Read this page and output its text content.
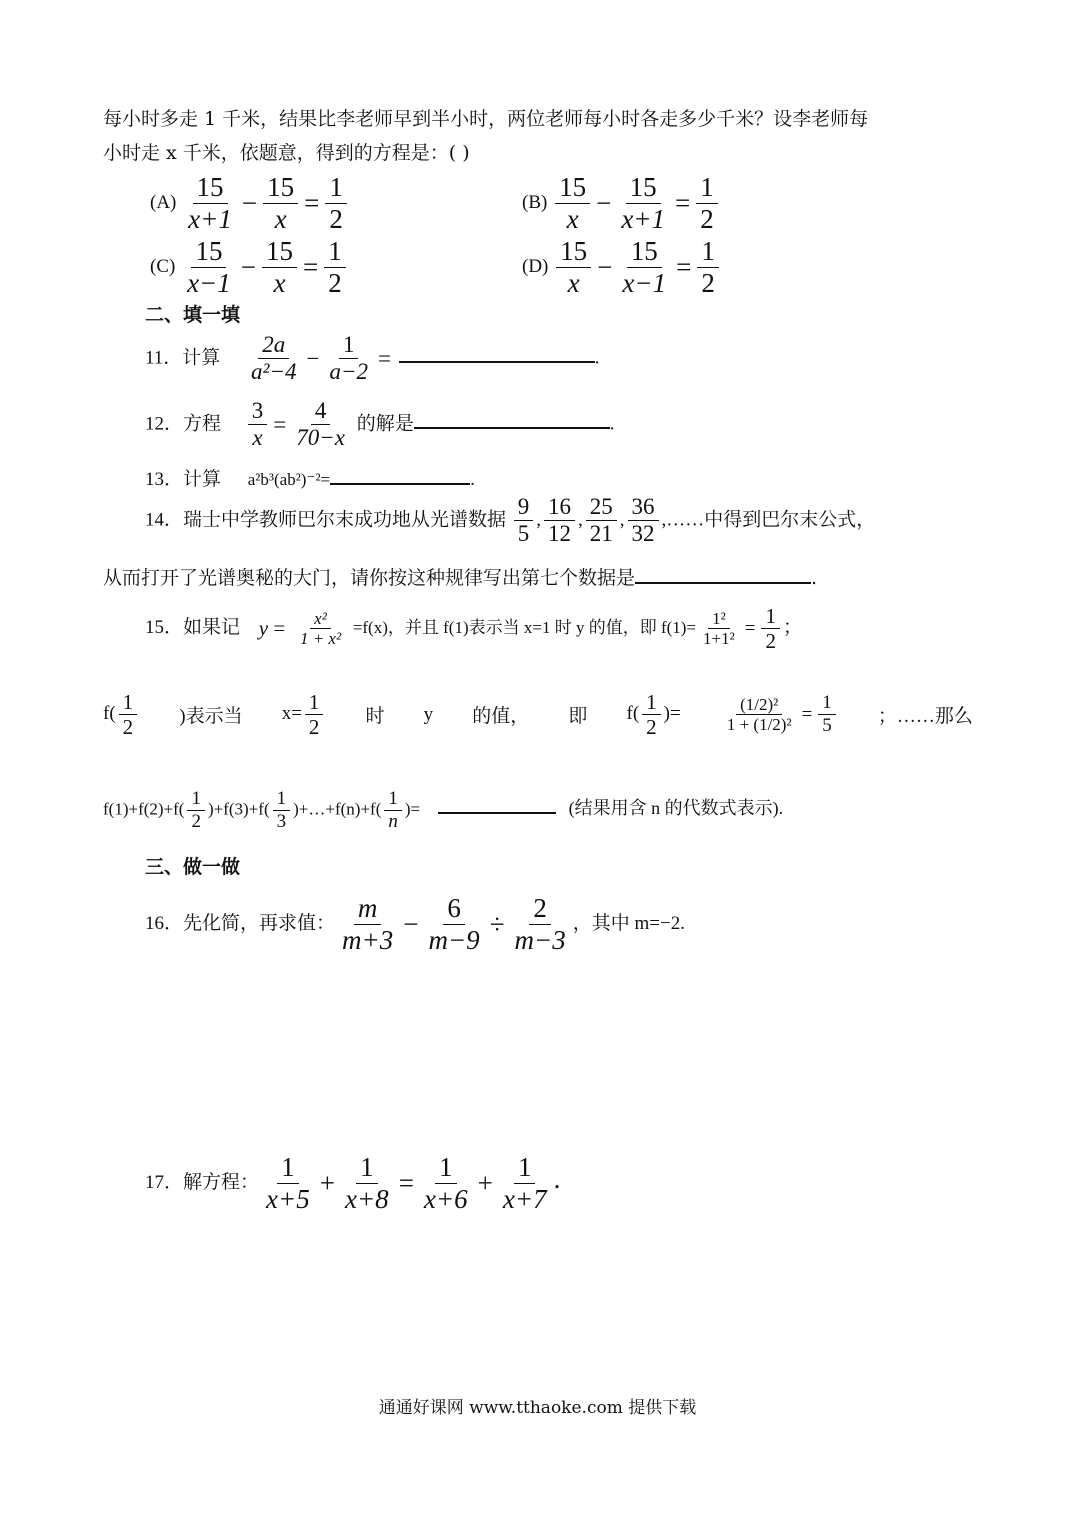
每小时多走 1 千米，结果比李老师早到半小时，两位老师每小时各走多少千米？设李老师每
小时走 x 千米，依题意，得到的方程是：( )
$(A) \frac{15}{x+1} - \frac{15}{x} = \frac{1}{2}$	$(B) \frac{15}{x} - \frac{15}{x+1} = \frac{1}{2}$
$(C) \frac{15}{x-1} - \frac{15}{x} = \frac{1}{2}$	$(D) \frac{15}{x} - \frac{15}{x-1} = \frac{1}{2}$
二、填一填
11．计算 $\frac{2a}{\text{a²−4}} - \frac{1}{a-2}$ =	.
12．方程 $\frac{3}{x} = \frac{4}{70-x}$ 的解是	.
13．计算 a²b³(ab²)⁻²=	.
14．瑞士中学教师巴尔末成功地从光谱数据 $\frac{9}{5}$ , $\frac{16}{12}$ , $\frac{25}{21}$ , $\frac{36}{32}$ ,……中得到巴尔末公式，
从而打开了光谱奥秘的大门，请你按这种规律写出第七个数据是	.
15．如果记 $y = \frac{\text{x²}}{\text{1 + x²}} =f(x)$，并且 f(1)表示当 x=1 时 y 的值，即 $f(1)= \frac{\text{1²}}{\text{1+1²}} = \frac{1}{2}$ ；
$f( \frac{1}{2}$ )表示当 $x= \frac{1}{2}$ 时 y 的值， 即 $f( \frac{1}{2}$ )= $\frac{\text{(1/2)²}}{\text{1 + (1/2)²}} = \frac{1}{5}$ ；……那么
$f(1)+f(2)+f( \frac{1}{2} )+f(3)+f( \frac{1}{3}$ )+…+f(n)+f( $\frac{1}{n}$ )=	(结果用含 n 的代数式表示).
三、做一做
16．先化简，再求值： $\frac{m}{m+3} - \frac{6}{m-9} \div \frac{2}{m-3}$ ，其中 m=−2.
17．解方程： $\frac{1}{x+5} + \frac{1}{x+8} = \frac{1}{x+6} + \frac{1}{x+7}$ .
通通好课网 www.tthaoke.com 提供下载
